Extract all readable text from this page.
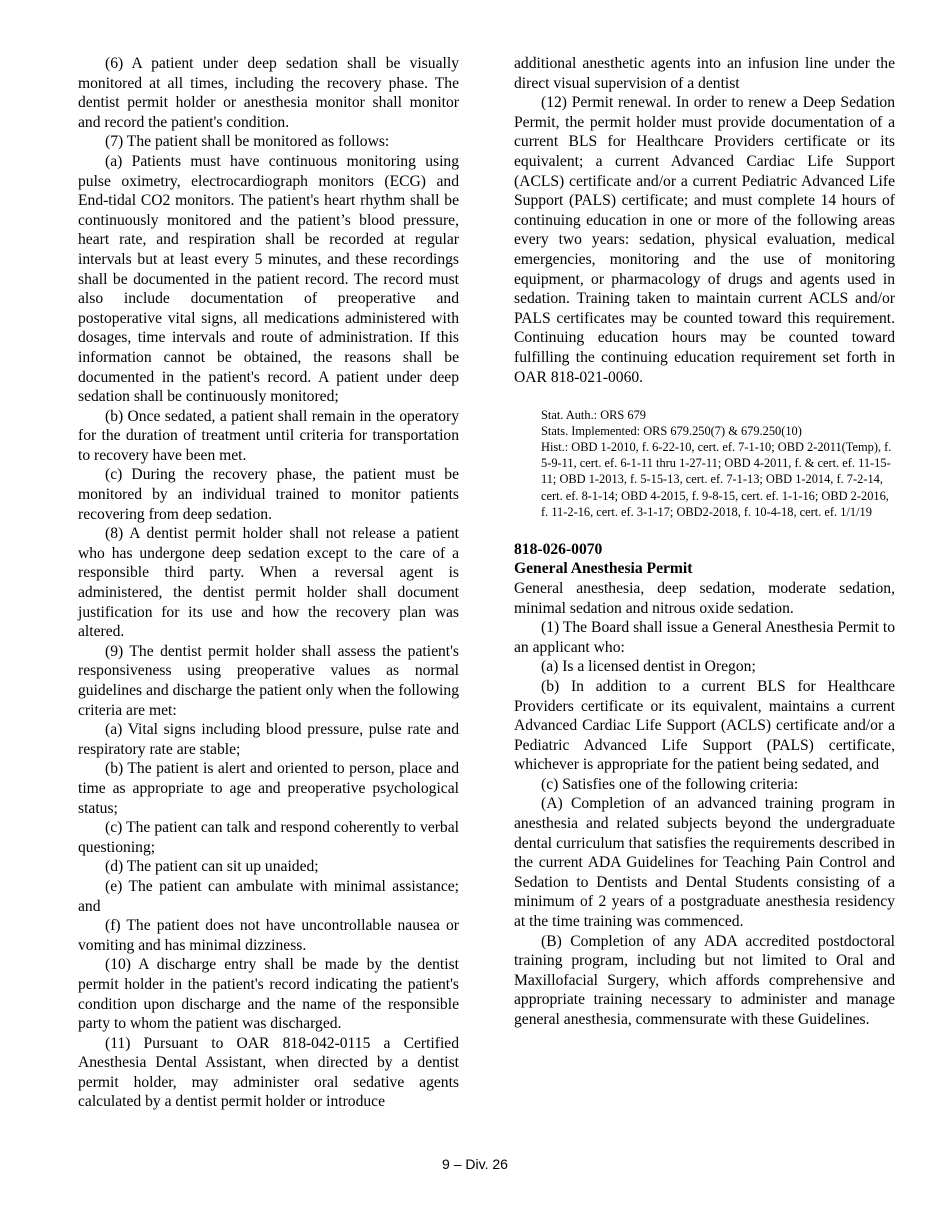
(6) A patient under deep sedation shall be visually monitored at all times, including the recovery phase. The dentist permit holder or anesthesia monitor shall monitor and record the patient's condition.

(7) The patient shall be monitored as follows:

(a) Patients must have continuous monitoring using pulse oximetry, electrocardiograph monitors (ECG) and End-tidal CO2 monitors. The patient's heart rhythm shall be continuously monitored and the patient’s blood pressure, heart rate, and respiration shall be recorded at regular intervals but at least every 5 minutes, and these recordings shall be documented in the patient record. The record must also include documentation of preoperative and postoperative vital signs, all medications administered with dosages, time intervals and route of administration. If this information cannot be obtained, the reasons shall be documented in the patient's record. A patient under deep sedation shall be continuously monitored;

(b) Once sedated, a patient shall remain in the operatory for the duration of treatment until criteria for transportation to recovery have been met.

(c) During the recovery phase, the patient must be monitored by an individual trained to monitor patients recovering from deep sedation.

(8) A dentist permit holder shall not release a patient who has undergone deep sedation except to the care of a responsible third party. When a reversal agent is administered, the dentist permit holder shall document justification for its use and how the recovery plan was altered.

(9) The dentist permit holder shall assess the patient's responsiveness using preoperative values as normal guidelines and discharge the patient only when the following criteria are met:

(a) Vital signs including blood pressure, pulse rate and respiratory rate are stable;

(b) The patient is alert and oriented to person, place and time as appropriate to age and preoperative psychological status;

(c) The patient can talk and respond coherently to verbal questioning;

(d) The patient can sit up unaided;

(e) The patient can ambulate with minimal assistance; and

(f) The patient does not have uncontrollable nausea or vomiting and has minimal dizziness.

(10) A discharge entry shall be made by the dentist permit holder in the patient's record indicating the patient's condition upon discharge and the name of the responsible party to whom the patient was discharged.

(11) Pursuant to OAR 818-042-0115 a Certified Anesthesia Dental Assistant, when directed by a dentist permit holder, may administer oral sedative agents calculated by a dentist permit holder or introduce

additional anesthetic agents into an infusion line under the direct visual supervision of a dentist

(12) Permit renewal. In order to renew a Deep Sedation Permit, the permit holder must provide documentation of a current BLS for Healthcare Providers certificate or its equivalent; a current Advanced Cardiac Life Support (ACLS) certificate and/or a current Pediatric Advanced Life Support (PALS) certificate; and must complete 14 hours of continuing education in one or more of the following areas every two years: sedation, physical evaluation, medical emergencies, monitoring and the use of monitoring equipment, or pharmacology of drugs and agents used in sedation. Training taken to maintain current ACLS and/or PALS certificates may be counted toward this requirement. Continuing education hours may be counted toward fulfilling the continuing education requirement set forth in OAR 818-021-0060.

Stat. Auth.: ORS 679

Stats. Implemented: ORS 679.250(7) & 679.250(10)

Hist.: OBD 1-2010, f. 6-22-10, cert. ef. 7-1-10; OBD 2-2011(Temp), f. 5-9-11, cert. ef. 6-1-11 thru 1-27-11; OBD 4-2011, f. & cert. ef. 11-15-11; OBD 1-2013, f. 5-15-13, cert. ef. 7-1-13; OBD 1-2014, f. 7-2-14, cert. ef. 8-1-14; OBD 4-2015, f. 9-8-15, cert. ef. 1-1-16; OBD 2-2016, f. 11-2-16, cert. ef. 3-1-17; OBD2-2018, f. 10-4-18, cert. ef. 1/1/19

818-026-0070

General Anesthesia Permit

General anesthesia, deep sedation, moderate sedation, minimal sedation and nitrous oxide sedation.

(1) The Board shall issue a General Anesthesia Permit to an applicant who:

(a) Is a licensed dentist in Oregon;

(b) In addition to a current BLS for Healthcare Providers certificate or its equivalent, maintains a current Advanced Cardiac Life Support (ACLS) certificate and/or a Pediatric Advanced Life Support (PALS) certificate, whichever is appropriate for the patient being sedated, and

(c) Satisfies one of the following criteria:

(A) Completion of an advanced training program in anesthesia and related subjects beyond the undergraduate dental curriculum that satisfies the requirements described in the current ADA Guidelines for Teaching Pain Control and Sedation to Dentists and Dental Students consisting of a minimum of 2 years of a postgraduate anesthesia residency at the time training was commenced.

(B) Completion of any ADA accredited postdoctoral training program, including but not limited to Oral and Maxillofacial Surgery, which affords comprehensive and appropriate training necessary to administer and manage general anesthesia, commensurate with these Guidelines.

9 – Div. 26
